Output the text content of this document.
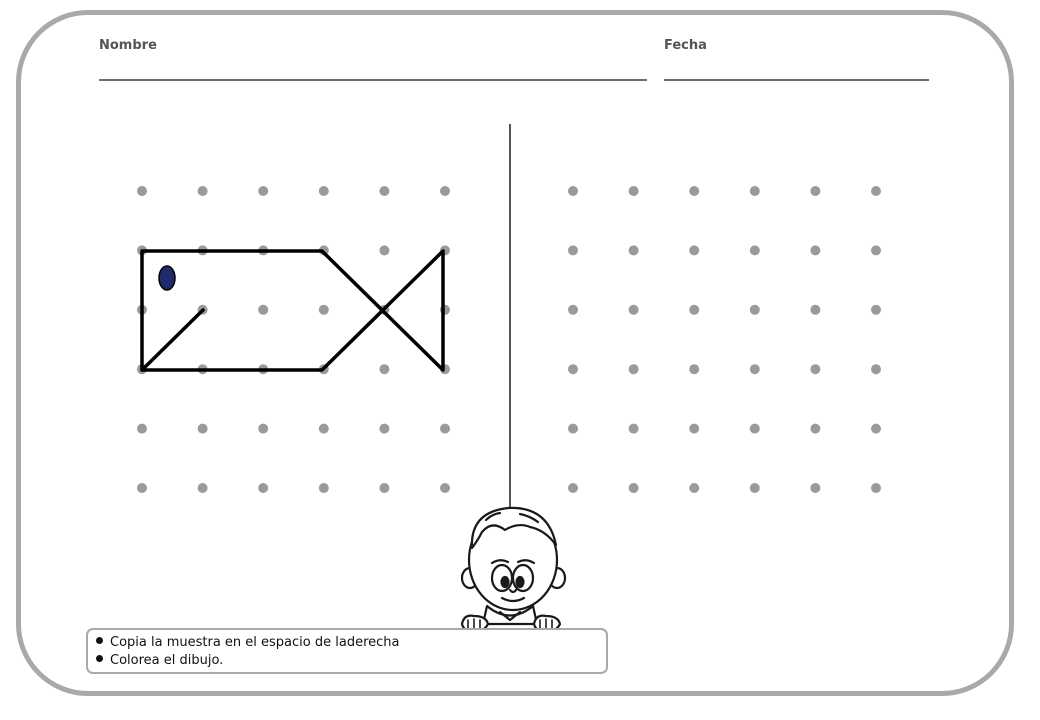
Nombre	Fecha
Copia la muestra en el espacio de laderecha
Colorea el dibujo.
